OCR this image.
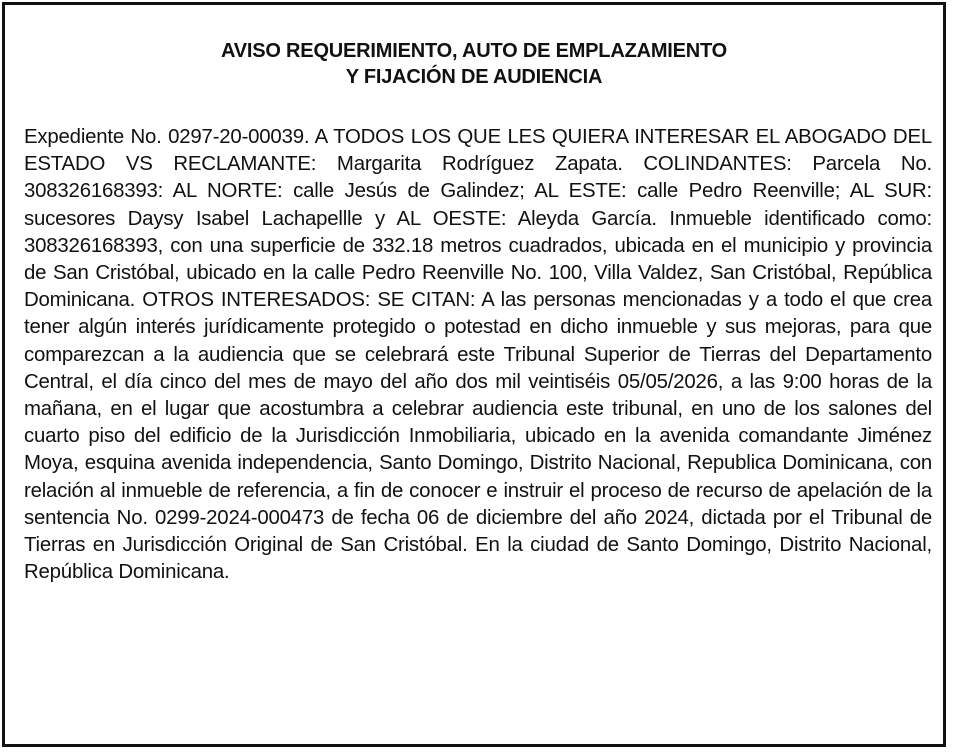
AVISO REQUERIMIENTO, AUTO DE EMPLAZAMIENTO
Y FIJACIÓN DE AUDIENCIA

Expediente No. 0297-20-00039. A TODOS LOS QUE LES QUIERA INTERESAR EL ABOGADO DEL ESTADO VS RECLAMANTE: Margarita Rodríguez Zapata. COLINDANTES: Parcela No. 308326168393: AL NORTE: calle Jesús de Galindez; AL ESTE: calle Pedro Reenville; AL SUR: sucesores Daysy Isabel Lachapellle y AL OESTE: Aleyda García. Inmueble identificado como: 308326168393, con una superficie de 332.18 metros cuadrados, ubicada en el municipio y provincia de San Cristóbal, ubicado en la calle Pedro Reenville No. 100, Villa Valdez, San Cristóbal, República Dominicana. OTROS INTERESADOS: SE CITAN: A las personas mencionadas y a todo el que crea tener algún interés jurídicamente protegido o potestad en dicho inmueble y sus mejoras, para que comparezcan a la audiencia que se celebrará este Tribunal Superior de Tierras del Departamento Central, el día cinco del mes de mayo del año dos mil veintiséis 05/05/2026, a las 9:00 horas de la mañana, en el lugar que acostumbra a celebrar audiencia este tribunal, en uno de los salones del cuarto piso del edificio de la Jurisdicción Inmobiliaria, ubicado en la avenida comandante Jiménez Moya, esquina avenida independencia, Santo Domingo, Distrito Nacional, Republica Dominicana, con relación al inmueble de referencia, a fin de conocer e instruir el proceso de recurso de apelación de la sentencia No. 0299-2024-000473 de fecha 06 de diciembre del año 2024, dictada por el Tribunal de Tierras en Jurisdicción Original de San Cristóbal. En la ciudad de Santo Domingo, Distrito Nacional, República Dominicana.
